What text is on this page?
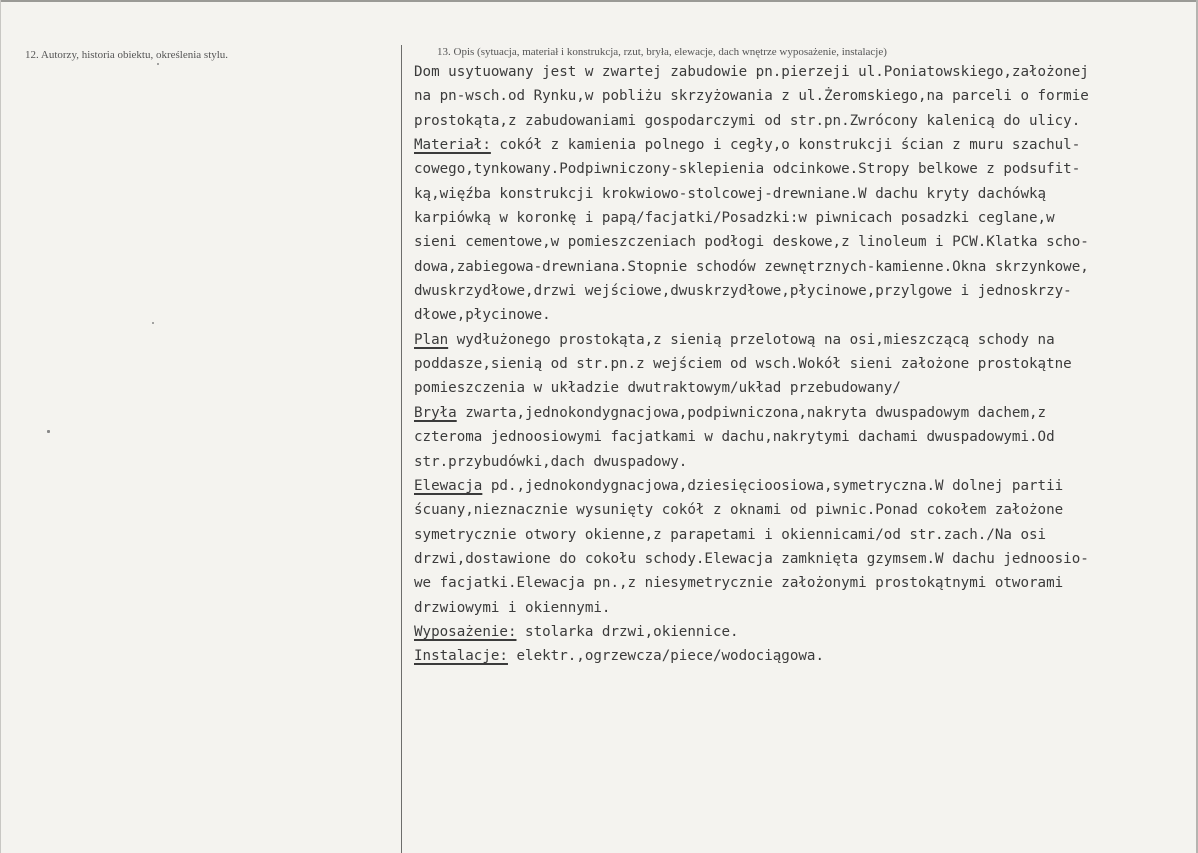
12. Autorzy, historia obiektu, określenia stylu.	13. Opis (sytuacja, materiał i konstrukcja, rzut, bryła, elewacje, dach wnętrze wyposażenie, instalacje)
Dom usytuowany jest w zwartej zabudowie pn.pierzeji ul.Poniatowskiego,założonej
na pn-wsch.od Rynku,w pobliżu skrzyżowania z ul.Żeromskiego,na parceli o formie
prostokąta,z zabudowaniami gospodarczymi od str.pn.Zwrócony kalenicą do ulicy.
Materiał: cokół z kamienia polnego i cegły,o konstrukcji ścian z muru szachul-
cowego,tynkowany.Podpiwniczony-sklepienia odcinkowe.Stropy belkowe z podsufit-
ką,więźba konstrukcji krokwiowo-stolcowej-drewniane.W dachu kryty dachówką
karpiówką w koronkę i papą/facjatki/Posadzki:w piwnicach posadzki ceglane,w
sieni cementowe,w pomieszczeniach podłogi deskowe,z linoleum i PCW.Klatka scho-
dowa,zabiegowa-drewniana.Stopnie schodów zewnętrznych-kamienne.Okna skrzynkowe,
dwuskrzydłowe,drzwi wejściowe,dwuskrzydłowe,płycinowe,przylgowe i jednoskrzy-
dłowe,płycinowe.
Plan wydłużonego prostokąta,z sienią przelotową na osi,mieszczącą schody na
poddasze,sienią od str.pn.z wejściem od wsch.Wokół sieni założone prostokątne
pomieszczenia w układzie dwutraktowym/układ przebudowany/
Bryła zwarta,jednokondygnacjowa,podpiwniczona,nakryta dwuspadowym dachem,z
czteroma jednoosiowymi facjatkami w dachu,nakrytymi dachami dwuspadowymi.Od
str.przybudówki,dach dwuspadowy.
Elewacja pd.,jednokondygnacjowa,dziesięcioosiowa,symetryczna.W dolnej partii
ścuany,nieznacznie wysunięty cokół z oknami od piwnic.Ponad cokołem założone
symetrycznie otwory okienne,z parapetami i okiennicami/od str.zach./Na osi
drzwi,dostawione do cokołu schody.Elewacja zamknięta gzymsem.W dachu jednoosio-
we facjatki.Elewacja pn.,z niesymetrycznie założonymi prostokątnymi otworami
drzwiowymi i okiennymi.
Wyposażenie: stolarka drzwi,okiennice.
Instalacje: elektr.,ogrzewcza/piece/wodociągowa.
